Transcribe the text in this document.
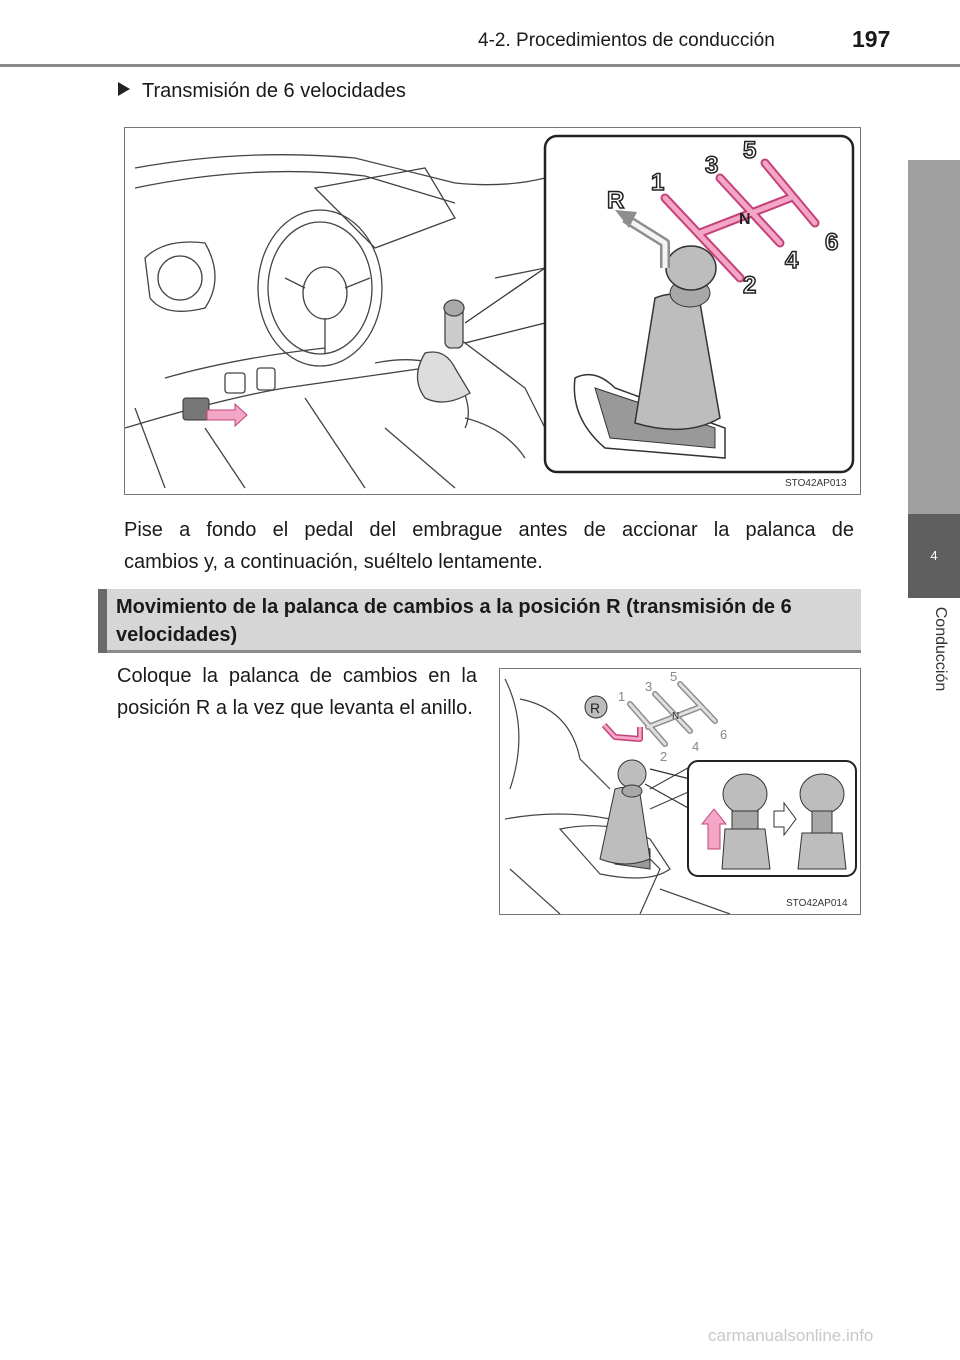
4-2. Procedimientos de conducción	197
4
Conducción
Transmisión de 6 velocidades
R
1
3
5
2
4
6
N
STO42AP013
Pise a fondo el pedal del embrague antes de accionar la palanca de
cambios y, a continuación, suéltelo lentamente.
Movimiento de la palanca de cambios a la posición R (transmisión de 6 velocidades)
Coloque la palanca de cambios en la posición R a la vez que levanta el anillo.	R
1
3
5
N
2
4
6
STO42AP014
carmanualsonline.info
